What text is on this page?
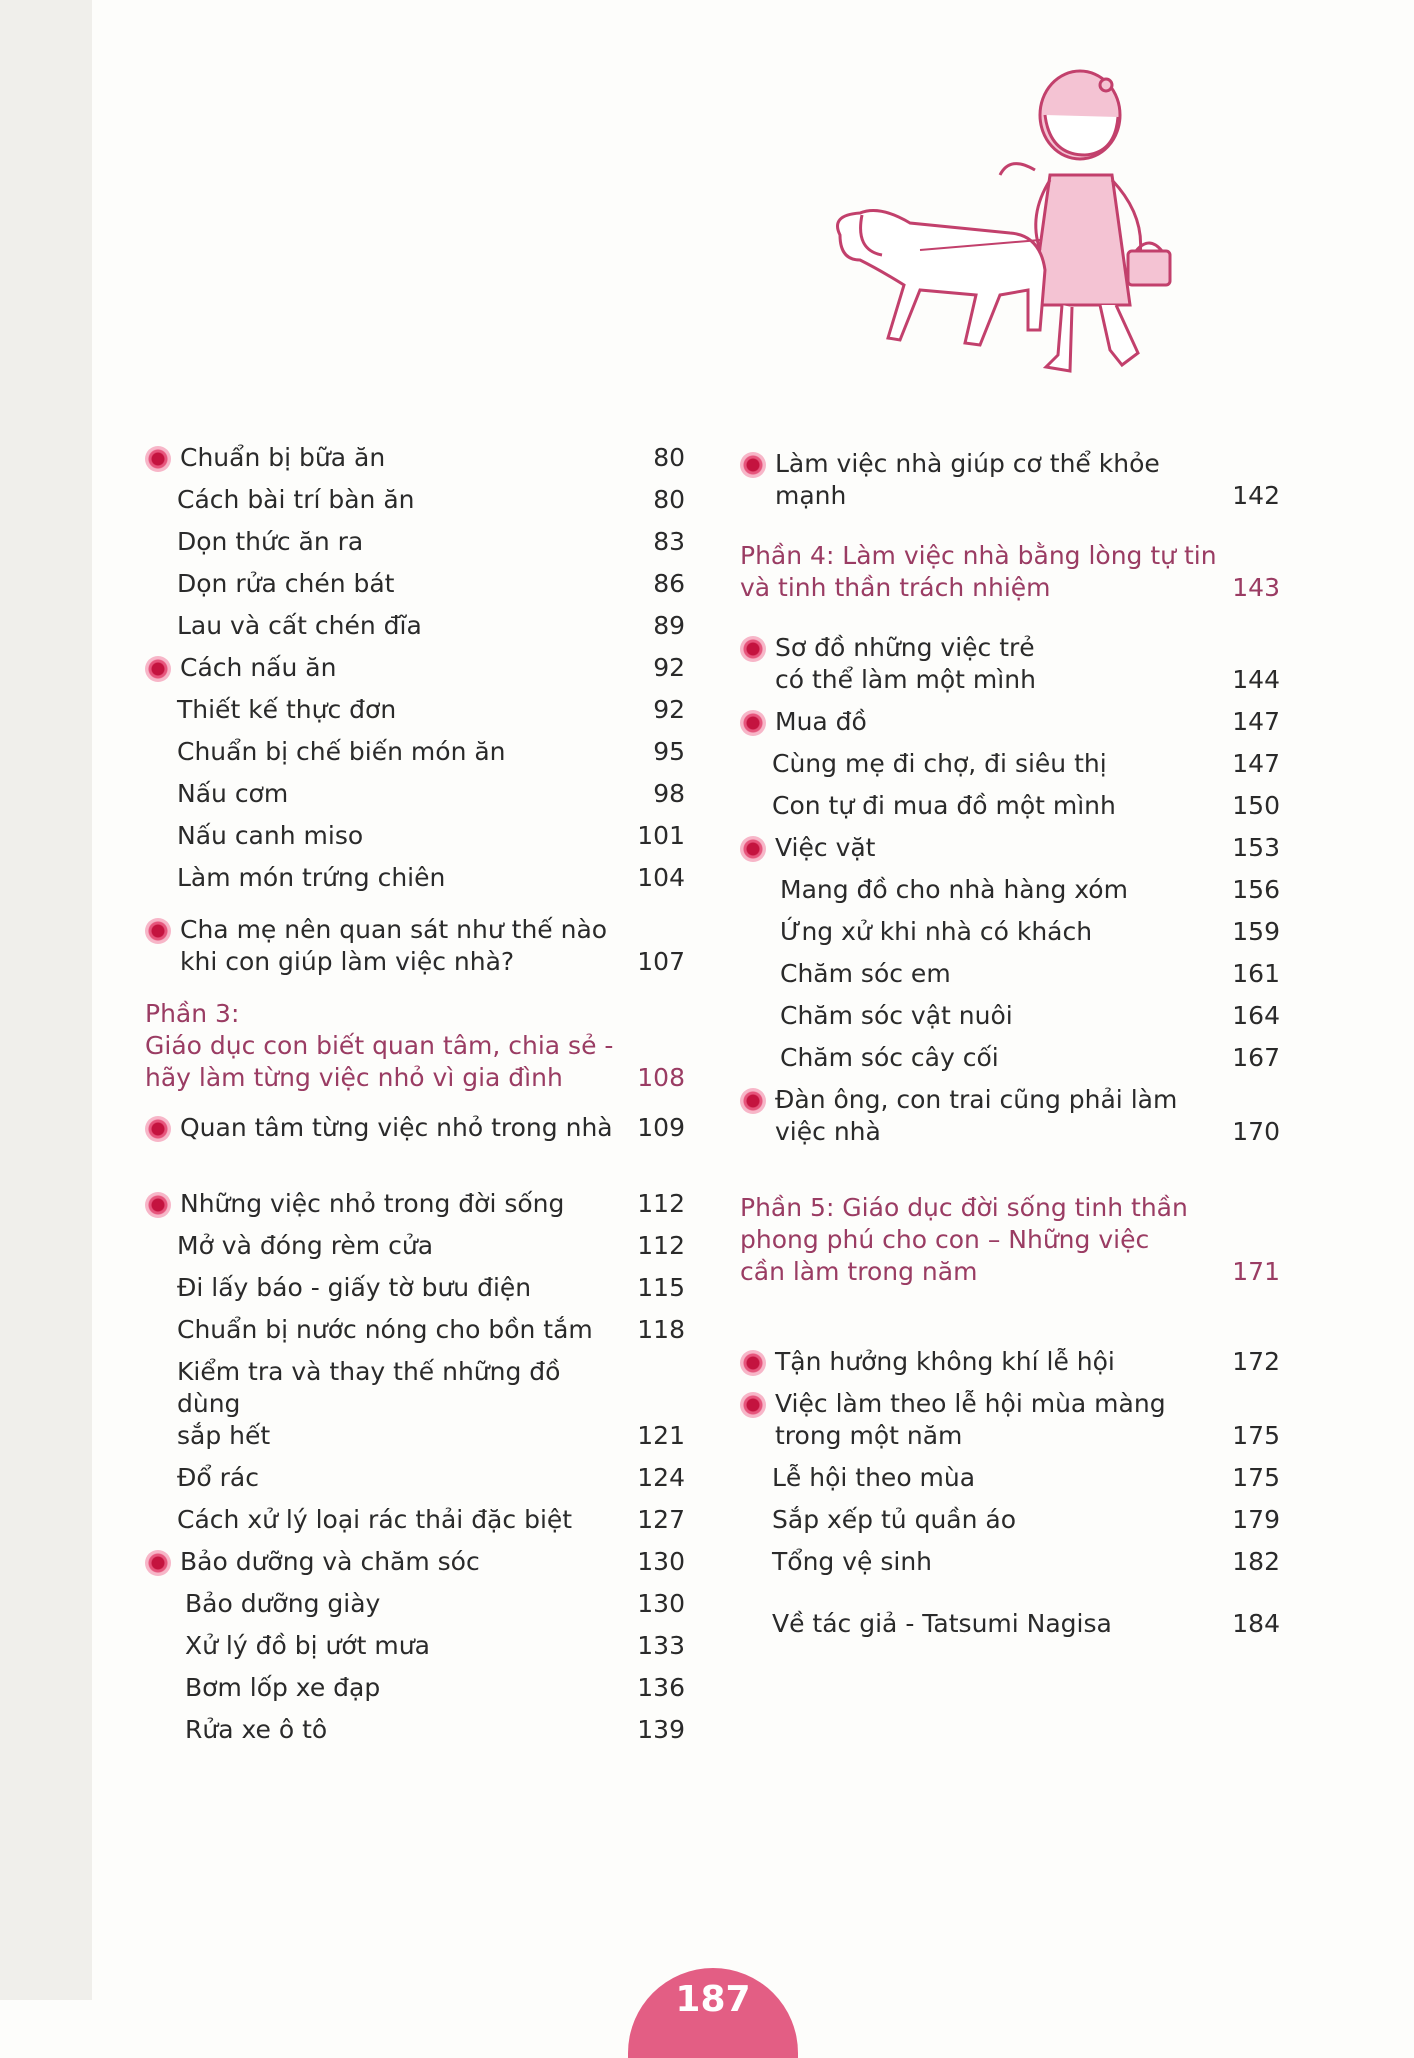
Chuẩn bị bữa ăn	80
Cách bài trí bàn ăn	80
Dọn thức ăn ra	83
Dọn rửa chén bát	86
Lau và cất chén đĩa	89
Cách nấu ăn	92
Thiết kế thực đơn	92
Chuẩn bị chế biến món ăn	95
Nấu cơm	98
Nấu canh miso	101
Làm món trứng chiên	104
Cha mẹ nên quan sát như thế nào
khi con giúp làm việc nhà?	107
Phần 3:
Giáo dục con biết quan tâm, chia sẻ -
hãy làm từng việc nhỏ vì gia đình	108
Quan tâm từng việc nhỏ trong nhà 109
Những việc nhỏ trong đời sống	112
Mở và đóng rèm cửa	112
Đi lấy báo - giấy tờ bưu điện	115
Chuẩn bị nước nóng cho bồn tắm	118
Kiểm tra và thay thế những đồ dùng
sắp hết	121
Đổ rác	124
Cách xử lý loại rác thải đặc biệt	127
Bảo dưỡng và chăm sóc	130
Bảo dưỡng giày	130
Xử lý đồ bị ướt mưa	133
Bơm lốp xe đạp	136
Rửa xe ô tô	139
Làm việc nhà giúp cơ thể khỏe mạnh	142
Phần 4: Làm việc nhà bằng lòng tự tin
và tinh thần trách nhiệm	143
Sơ đồ những việc trẻ
có thể làm một mình	144
Mua đồ	147
Cùng mẹ đi chợ, đi siêu thị	147
Con tự đi mua đồ một mình	150
Việc vặt	153
Mang đồ cho nhà hàng xóm	156
Ứng xử khi nhà có khách	159
Chăm sóc em	161
Chăm sóc vật nuôi	164
Chăm sóc cây cối	167
Đàn ông, con trai cũng phải làm
việc nhà	170
Phần 5: Giáo dục đời sống tinh thần
phong phú cho con – Những việc
cần làm trong năm	171
Tận hưởng không khí lễ hội	172
Việc làm theo lễ hội mùa màng
trong một năm	175
Lễ hội theo mùa	175
Sắp xếp tủ quần áo	179
Tổng vệ sinh	182
Về tác giả - Tatsumi Nagisa	184
187
